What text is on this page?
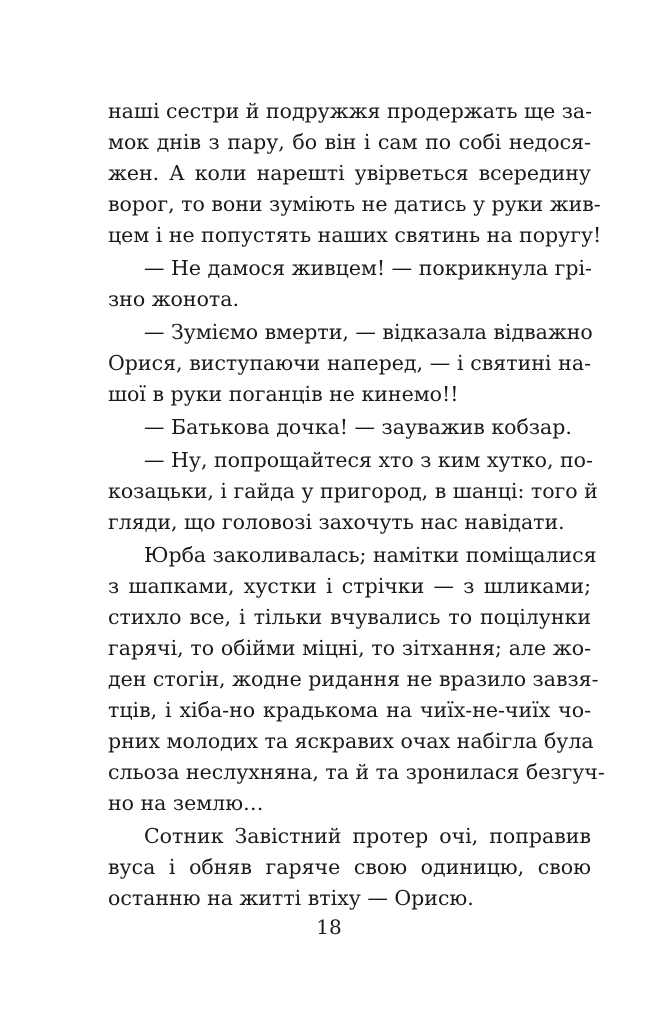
наші сестри й подружжя продержать ще за-
мок днів з пару, бо він і сам по собі недося-
жен. А коли нарешті увірветься всередину
ворог, то вони зуміють не датись у руки жив-
цем і не попустять наших святинь на поругу!
— Не дамося живцем! — покрикнула грі-
зно жонота.
— Зуміємо вмерти, — відказала відважно
Орися, виступаючи наперед, — і святині на-
шої в руки поганців не кинемо!!
— Батькова дочка! — зауважив кобзар.
— Ну, попрощайтеся хто з ким хутко, по-
козацьки, і гайда у пригород, в шанці: того й
гляди, що головозі захочуть нас навідати.
Юрба заколивалась; намітки поміщалися
з шапками, хустки і стрічки — з шликами;
стихло все, і тільки вчувались то поцілунки
гарячі, то обійми міцні, то зітхання; але жо-
ден стогін, жодне ридання не вразило завзя-
тців, і хіба-но крадькома на чиїх-не-чиїх чо-
рних молодих та яскравих очах набігла була
сльоза неслухняна, та й та зронилася безгуч-
но на землю…
Сотник Завістний протер очі, поправив
вуса і обняв гаряче свою одиницю, свою
останню на житті втіху — Орисю.
18
